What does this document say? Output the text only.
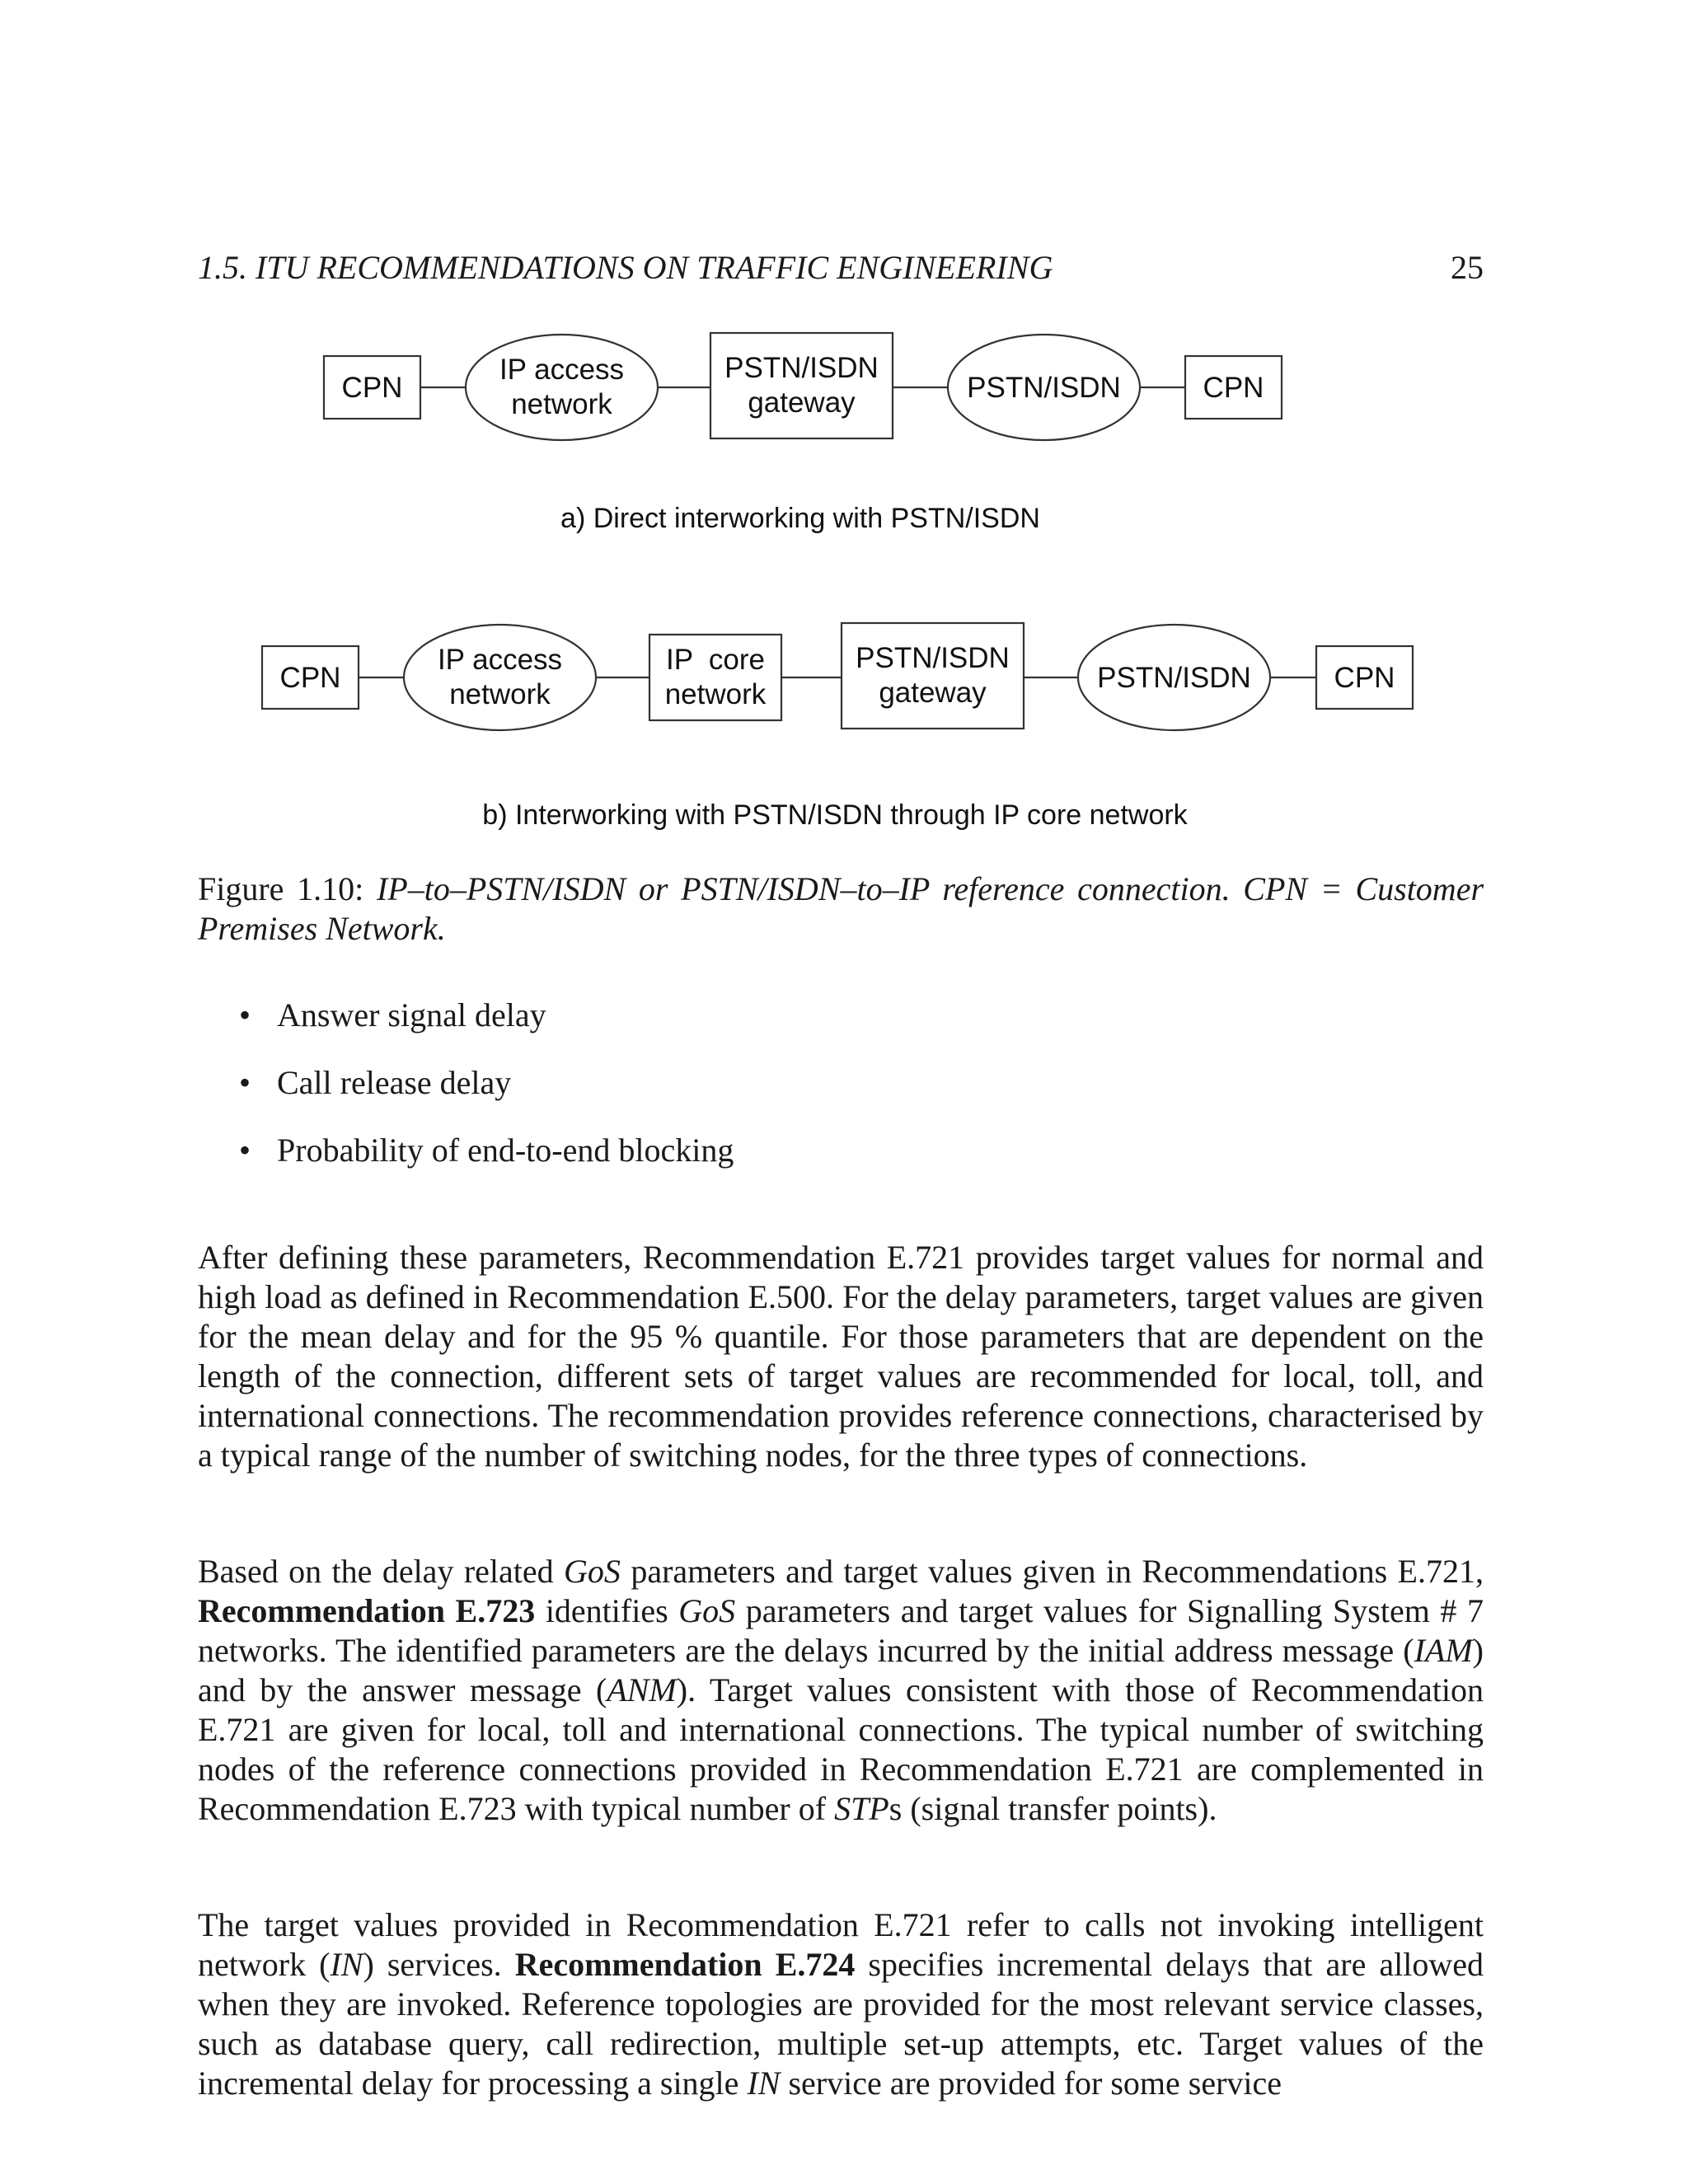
1.5. ITU RECOMMENDATIONS ON TRAFFIC ENGINEERING	25
CPN
IP access
network
PSTN/ISDN
gateway	PSTN/ISDN	CPN
a) Direct interworking with PSTN/ISDN
CPN
IP access
network
IP  core
network
PSTN/ISDN
gateway	PSTN/ISDN	CPN
b) Interworking with PSTN/ISDN through IP core network
Figure 1.10: IP–to–PSTN/ISDN or PSTN/ISDN–to–IP reference connection. CPN = Customer Premises Network.
• Answer signal delay
• Call release delay
• Probability of end-to-end blocking

After defining these parameters, Recommendation E.721 provides target values for normal and high load as defined in Recommendation E.500. For the delay parameters, target values are given for the mean delay and for the 95 % quantile. For those parameters that are dependent on the length of the connection, different sets of target values are recommended for local, toll, and international connections. The recommendation provides reference connections, characterised by a typical range of the number of switching nodes, for the three types of connections.

Based on the delay related GoS parameters and target values given in Recommendations E.721, Recommendation E.723 identifies GoS parameters and target values for Signalling System # 7 networks. The identified parameters are the delays incurred by the initial address message (IAM) and by the answer message (ANM). Target values consistent with those of Recommendation E.721 are given for local, toll and international connections. The typical number of switching nodes of the reference connections provided in Recommendation E.721 are complemented in Recommendation E.723 with typical number of STPs (signal transfer points).

The target values provided in Recommendation E.721 refer to calls not invoking intelligent network (IN) services. Recommendation E.724 specifies incremental delays that are allowed when they are invoked. Reference topologies are provided for the most relevant service classes, such as database query, call redirection, multiple set-up attempts, etc. Target values of the incremental delay for processing a single IN service are provided for some service
